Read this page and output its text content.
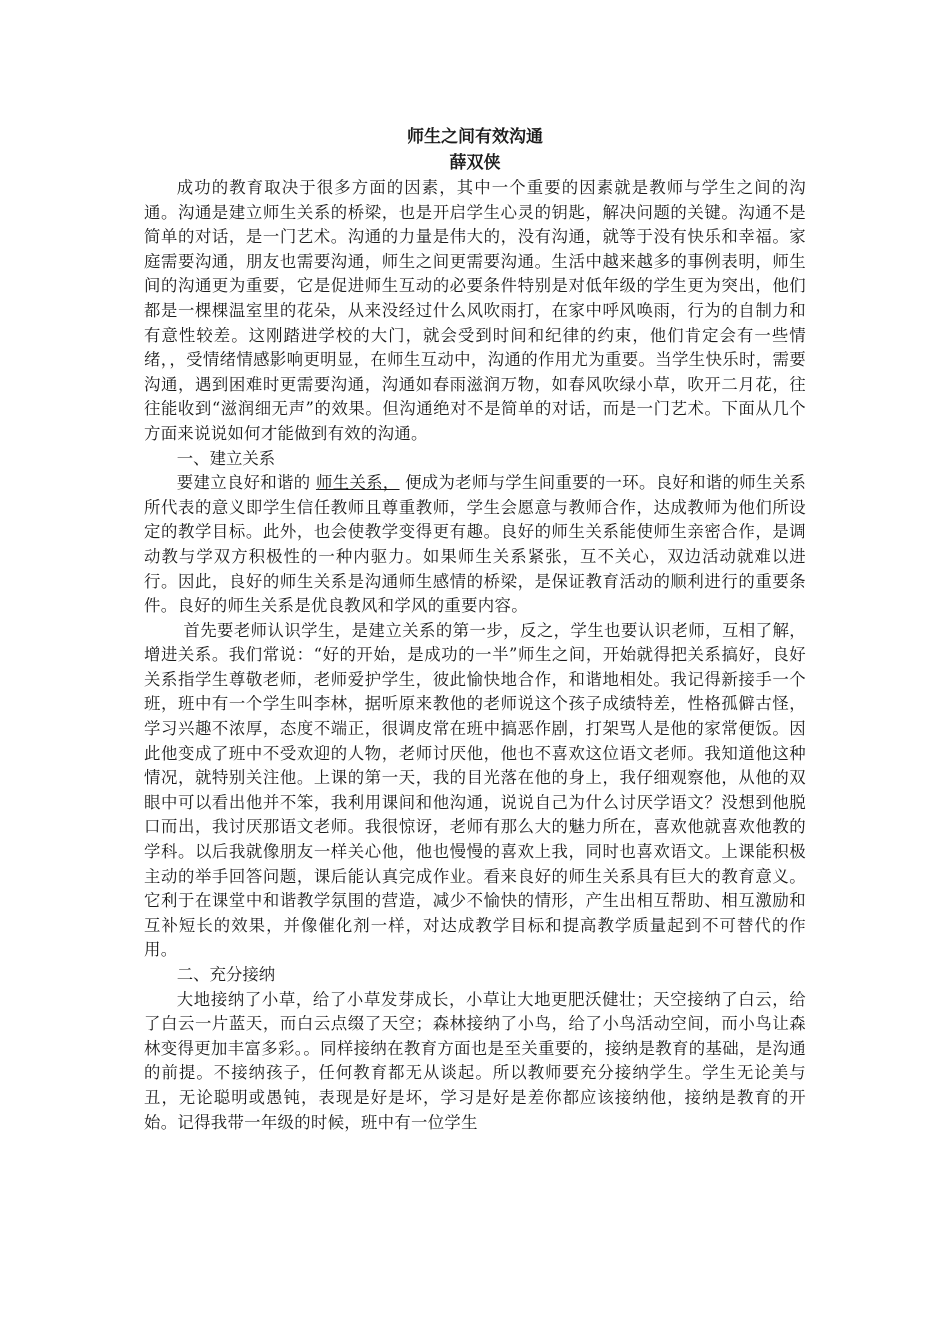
师生之间有效沟通

薛双侠

成功的教育取决于很多方面的因素，其中一个重要的因素就是教师与学生之间的沟通。沟通是建立师生关系的桥梁，也是开启学生心灵的钥匙，解决问题的关键。沟通不是简单的对话，是一门艺术。沟通的力量是伟大的，没有沟通，就等于没有快乐和幸福。家庭需要沟通，朋友也需要沟通，师生之间更需要沟通。生活中越来越多的事例表明，师生间的沟通更为重要，它是促进师生互动的必要条件特别是对低年级的学生更为突出，他们都是一棵棵温室里的花朵，从来没经过什么风吹雨打，在家中呼风唤雨，行为的自制力和有意性较差。这刚踏进学校的大门，就会受到时间和纪律的约束，他们肯定会有一些情绪，，受情绪情感影响更明显，在师生互动中，沟通的作用尤为重要。当学生快乐时，需要沟通，遇到困难时更需要沟通，沟通如春雨滋润万物，如春风吹绿小草，吹开二月花，往往能收到“滋润细无声”的效果。但沟通绝对不是简单的对话，而是一门艺术。下面从几个方面来说说如何才能做到有效的沟通。

一、建立关系

要建立良好和谐的 师生关系， 便成为老师与学生间重要的一环。良好和谐的师生关系所代表的意义即学生信任教师且尊重教师，学生会愿意与教师合作，达成教师为他们所设定的教学目标。此外，也会使教学变得更有趣。良好的师生关系能使师生亲密合作，是调动教与学双方积极性的一种内驱力。如果师生关系紧张，互不关心，双边活动就难以进行。因此，良好的师生关系是沟通师生感情的桥梁，是保证教育活动的顺利进行的重要条件。良好的师生关系是优良教风和学风的重要内容。

首先要老师认识学生，是建立关系的第一步，反之，学生也要认识老师，互相了解，增进关系。我们常说：“好的开始，是成功的一半”师生之间，开始就得把关系搞好，良好关系指学生尊敬老师，老师爱护学生，彼此愉快地合作，和谐地相处。我记得新接手一个班，班中有一个学生叫李林，据听原来教他的老师说这个孩子成绩特差，性格孤僻古怪，学习兴趣不浓厚，态度不端正，很调皮常在班中搞恶作剧，打架骂人是他的家常便饭。因此他变成了班中不受欢迎的人物，老师讨厌他，他也不喜欢这位语文老师。我知道他这种情况，就特别关注他。上课的第一天，我的目光落在他的身上，我仔细观察他，从他的双眼中可以看出他并不笨，我利用课间和他沟通，说说自己为什么讨厌学语文？没想到他脱口而出，我讨厌那语文老师。我很惊讶，老师有那么大的魅力所在，喜欢他就喜欢他教的学科。以后我就像朋友一样关心他，他也慢慢的喜欢上我，同时也喜欢语文。上课能积极主动的举手回答问题，课后能认真完成作业。看来良好的师生关系具有巨大的教育意义。它利于在课堂中和谐教学氛围的营造，减少不愉快的情形，产生出相互帮助、相互激励和互补短长的效果，并像催化剂一样，对达成教学目标和提高教学质量起到不可替代的作用。

二、充分接纳

大地接纳了小草，给了小草发芽成长，小草让大地更肥沃健壮；天空接纳了白云，给了白云一片蓝天，而白云点缀了天空；森林接纳了小鸟，给了小鸟活动空间，而小鸟让森林变得更加丰富多彩。。同样接纳在教育方面也是至关重要的，接纳是教育的基础，是沟通的前提。不接纳孩子，任何教育都无从谈起。所以教师要充分接纳学生。学生无论美与丑，无论聪明或愚钝，表现是好是坏，学习是好是差你都应该接纳他，接纳是教育的开始。记得我带一年级的时候，班中有一位学生
